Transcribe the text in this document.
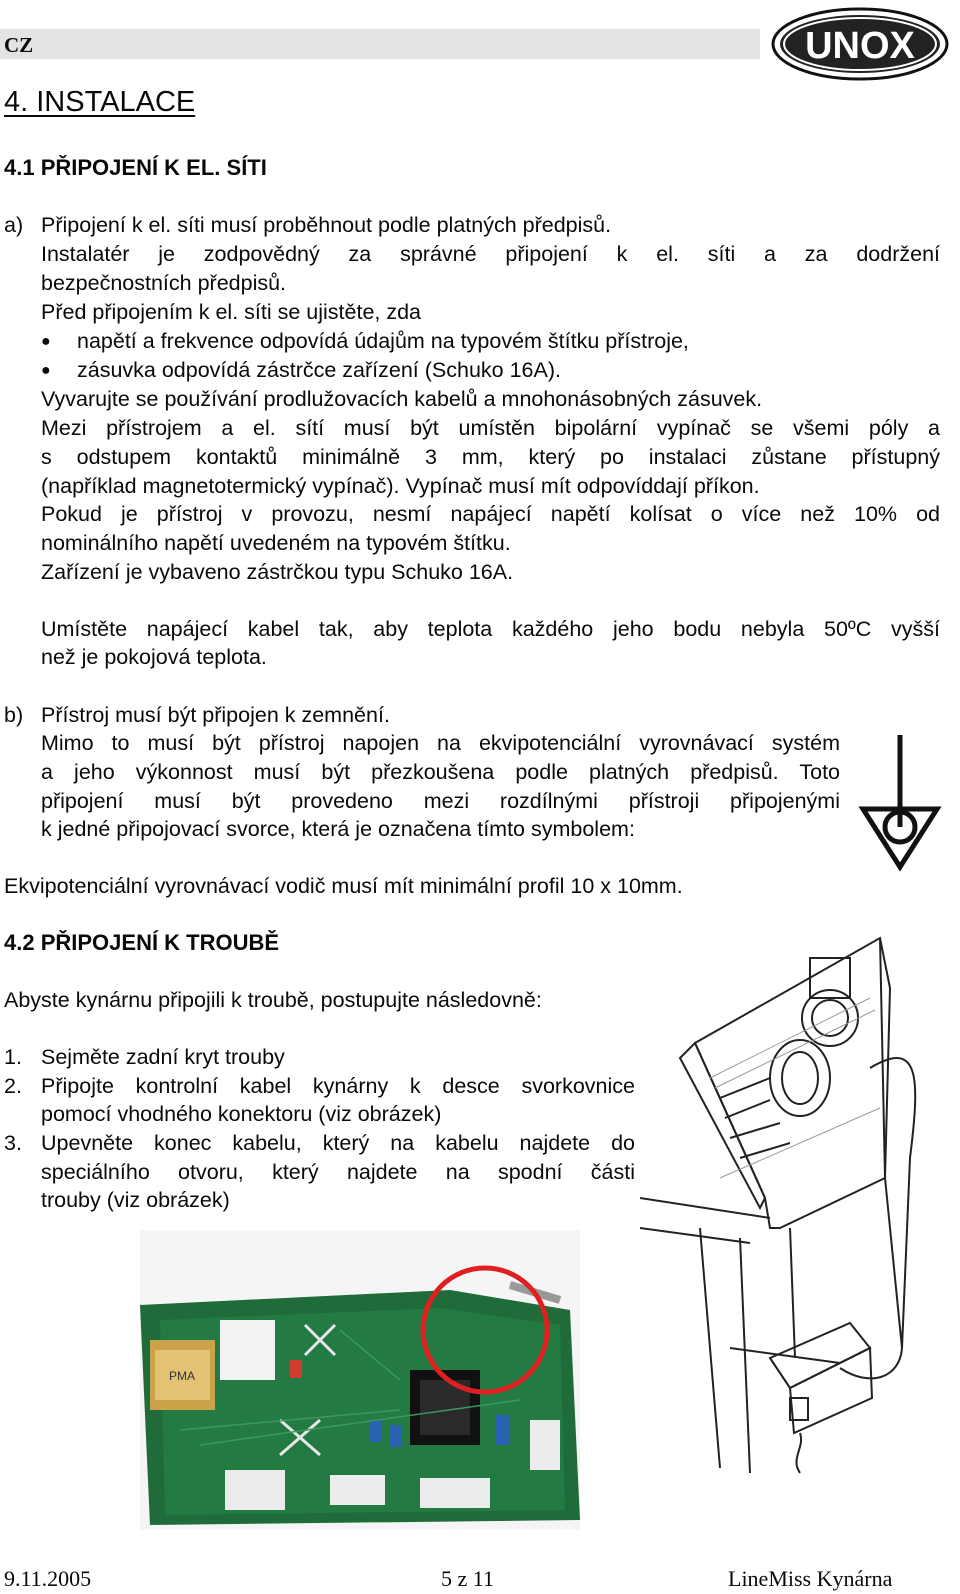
CZ	UNOX
4. INSTALACE
4.1 PŘIPOJENÍ K EL. SÍTI
a) Připojení k el. síti musí proběhnout podle platných předpisů.
Instalatér je zodpovědný za správné připojení k el. síti a za dodržení
bezpečnostních předpisů.
Před připojením k el. síti se ujistěte, zda
● napětí a frekvence odpovídá údajům na typovém štítku přístroje,
● zásuvka odpovídá zástrčce zařízení (Schuko 16A).
Vyvarujte se používání prodlužovacích kabelů a mnohonásobných zásuvek.
Mezi přístrojem a el. sítí musí být umístěn bipolární vypínač se všemi póly a
s odstupem kontaktů minimálně 3 mm, který po instalaci zůstane přístupný
(například magnetotermický vypínač). Vypínač musí mít odpovíddají příkon.
Pokud je přístroj v provozu, nesmí napájecí napětí kolísat o více než 10% od
nominálního napětí uvedeném na typovém štítku.
Zařízení je vybaveno zástrčkou typu Schuko 16A.
Umístěte napájecí kabel tak, aby teplota každého jeho bodu nebyla 50ºC vyšší
než je pokojová teplota.
b) Přístroj musí být připojen k zemnění.
Mimo to musí být přístroj napojen na ekvipotenciální vyrovnávací systém
a jeho výkonnost musí být přezkoušena podle platných předpisů. Toto
připojení musí být provedeno mezi rozdílnými přístroji připojenými
k jedné připojovací svorce, která je označena tímto symbolem:
Ekvipotenciální vyrovnávací vodič musí mít minimální profil 10 x 10mm.
4.2 PŘIPOJENÍ K TROUBĚ
Abyste kynárnu připojili k troubě, postupujte následovně:
1. Sejměte zadní kryt trouby
2. Připojte kontrolní kabel kynárny k desce svorkovnice
pomocí vhodného konektoru (viz obrázek)
3. Upevněte konec kabelu, který na kabelu najdete do
speciálního otvoru, který najdete na spodní části
trouby (viz obrázek)
PMA
9.11.2005	5 z 11	LineMiss Kynárna
